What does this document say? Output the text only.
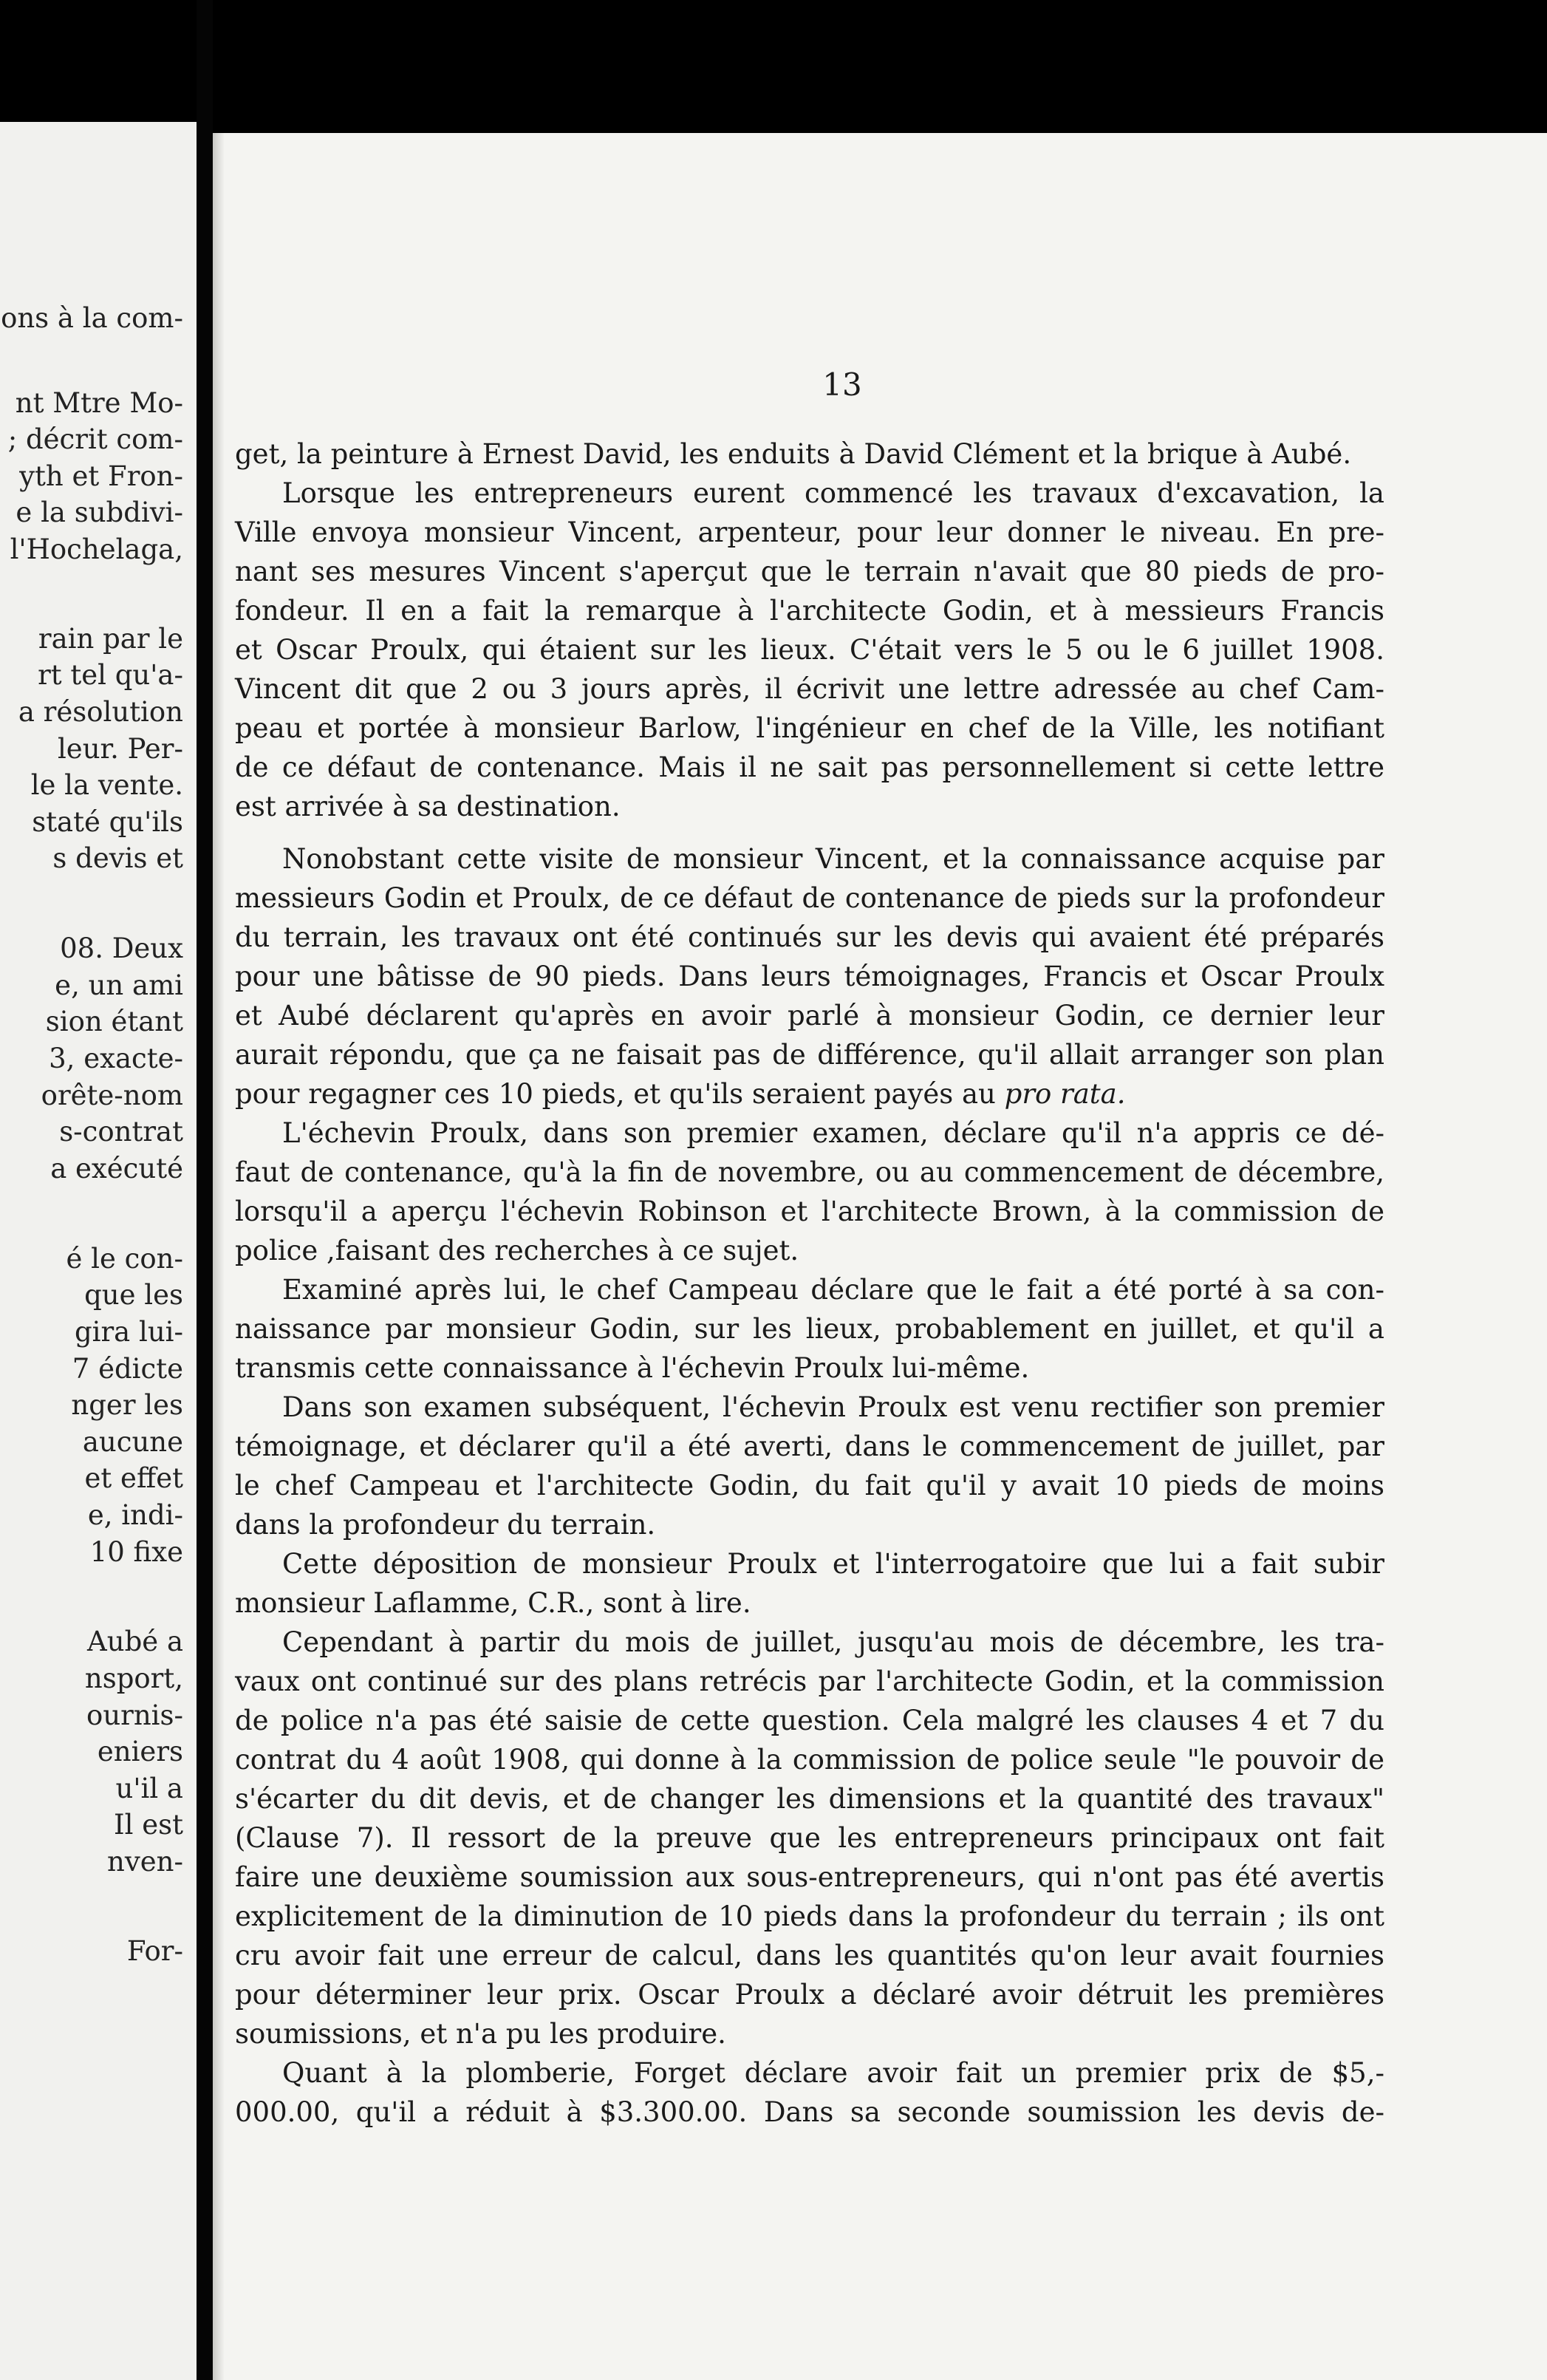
ons à la com-
nt Mtre Mo-
; décrit com-
yth et Fron-
e la subdivi-
l'Hochelaga,
rain par le
rt tel qu'a-
a résolution
leur. Per-
le la vente.
staté qu'ils
s devis et
08. Deux
e, un ami
sion étant
3, exacte-
orête-nom
s-contrat
a exécuté
é le con-
que les
gira lui-
7 édicte
nger les
aucune
et effet
e, indi-
10 fixe
Aubé a
nsport,
ournis-
eniers
u'il a
Il est
nven-
For-
13
get, la peinture à Ernest David, les enduits à David Clément et la brique à Aubé.
Lorsque les entrepreneurs eurent commencé les travaux d'excavation, la
Ville envoya monsieur Vincent, arpenteur, pour leur donner le niveau. En pre-
nant ses mesures Vincent s'aperçut que le terrain n'avait que 80 pieds de pro-
fondeur. Il en a fait la remarque à l'architecte Godin, et à messieurs Francis
et Oscar Proulx, qui étaient sur les lieux. C'était vers le 5 ou le 6 juillet 1908.
Vincent dit que 2 ou 3 jours après, il écrivit une lettre adressée au chef Cam-
peau et portée à monsieur Barlow, l'ingénieur en chef de la Ville, les notifiant
de ce défaut de contenance. Mais il ne sait pas personnellement si cette lettre
est arrivée à sa destination.
Nonobstant cette visite de monsieur Vincent, et la connaissance acquise par
messieurs Godin et Proulx, de ce défaut de contenance de pieds sur la profondeur
du terrain, les travaux ont été continués sur les devis qui avaient été préparés
pour une bâtisse de 90 pieds. Dans leurs témoignages, Francis et Oscar Proulx
et Aubé déclarent qu'après en avoir parlé à monsieur Godin, ce dernier leur
aurait répondu, que ça ne faisait pas de différence, qu'il allait arranger son plan
pour regagner ces 10 pieds, et qu'ils seraient payés au pro rata.
L'échevin Proulx, dans son premier examen, déclare qu'il n'a appris ce dé-
faut de contenance, qu'à la fin de novembre, ou au commencement de décembre,
lorsqu'il a aperçu l'échevin Robinson et l'architecte Brown, à la commission de
police ,faisant des recherches à ce sujet.
Examiné après lui, le chef Campeau déclare que le fait a été porté à sa con-
naissance par monsieur Godin, sur les lieux, probablement en juillet, et qu'il a
transmis cette connaissance à l'échevin Proulx lui-même.
Dans son examen subséquent, l'échevin Proulx est venu rectifier son premier
témoignage, et déclarer qu'il a été averti, dans le commencement de juillet, par
le chef Campeau et l'architecte Godin, du fait qu'il y avait 10 pieds de moins
dans la profondeur du terrain.
Cette déposition de monsieur Proulx et l'interrogatoire que lui a fait subir
monsieur Laflamme, C.R., sont à lire.
Cependant à partir du mois de juillet, jusqu'au mois de décembre, les tra-
vaux ont continué sur des plans retrécis par l'architecte Godin, et la commission
de police n'a pas été saisie de cette question. Cela malgré les clauses 4 et 7 du
contrat du 4 août 1908, qui donne à la commission de police seule "le pouvoir de
s'écarter du dit devis, et de changer les dimensions et la quantité des travaux"
(Clause 7). Il ressort de la preuve que les entrepreneurs principaux ont fait
faire une deuxième soumission aux sous-entrepreneurs, qui n'ont pas été avertis
explicitement de la diminution de 10 pieds dans la profondeur du terrain ; ils ont
cru avoir fait une erreur de calcul, dans les quantités qu'on leur avait fournies
pour déterminer leur prix. Oscar Proulx a déclaré avoir détruit les premières
soumissions, et n'a pu les produire.
Quant à la plomberie, Forget déclare avoir fait un premier prix de $5,-
000.00, qu'il a réduit à $3.300.00. Dans sa seconde soumission les devis de-
